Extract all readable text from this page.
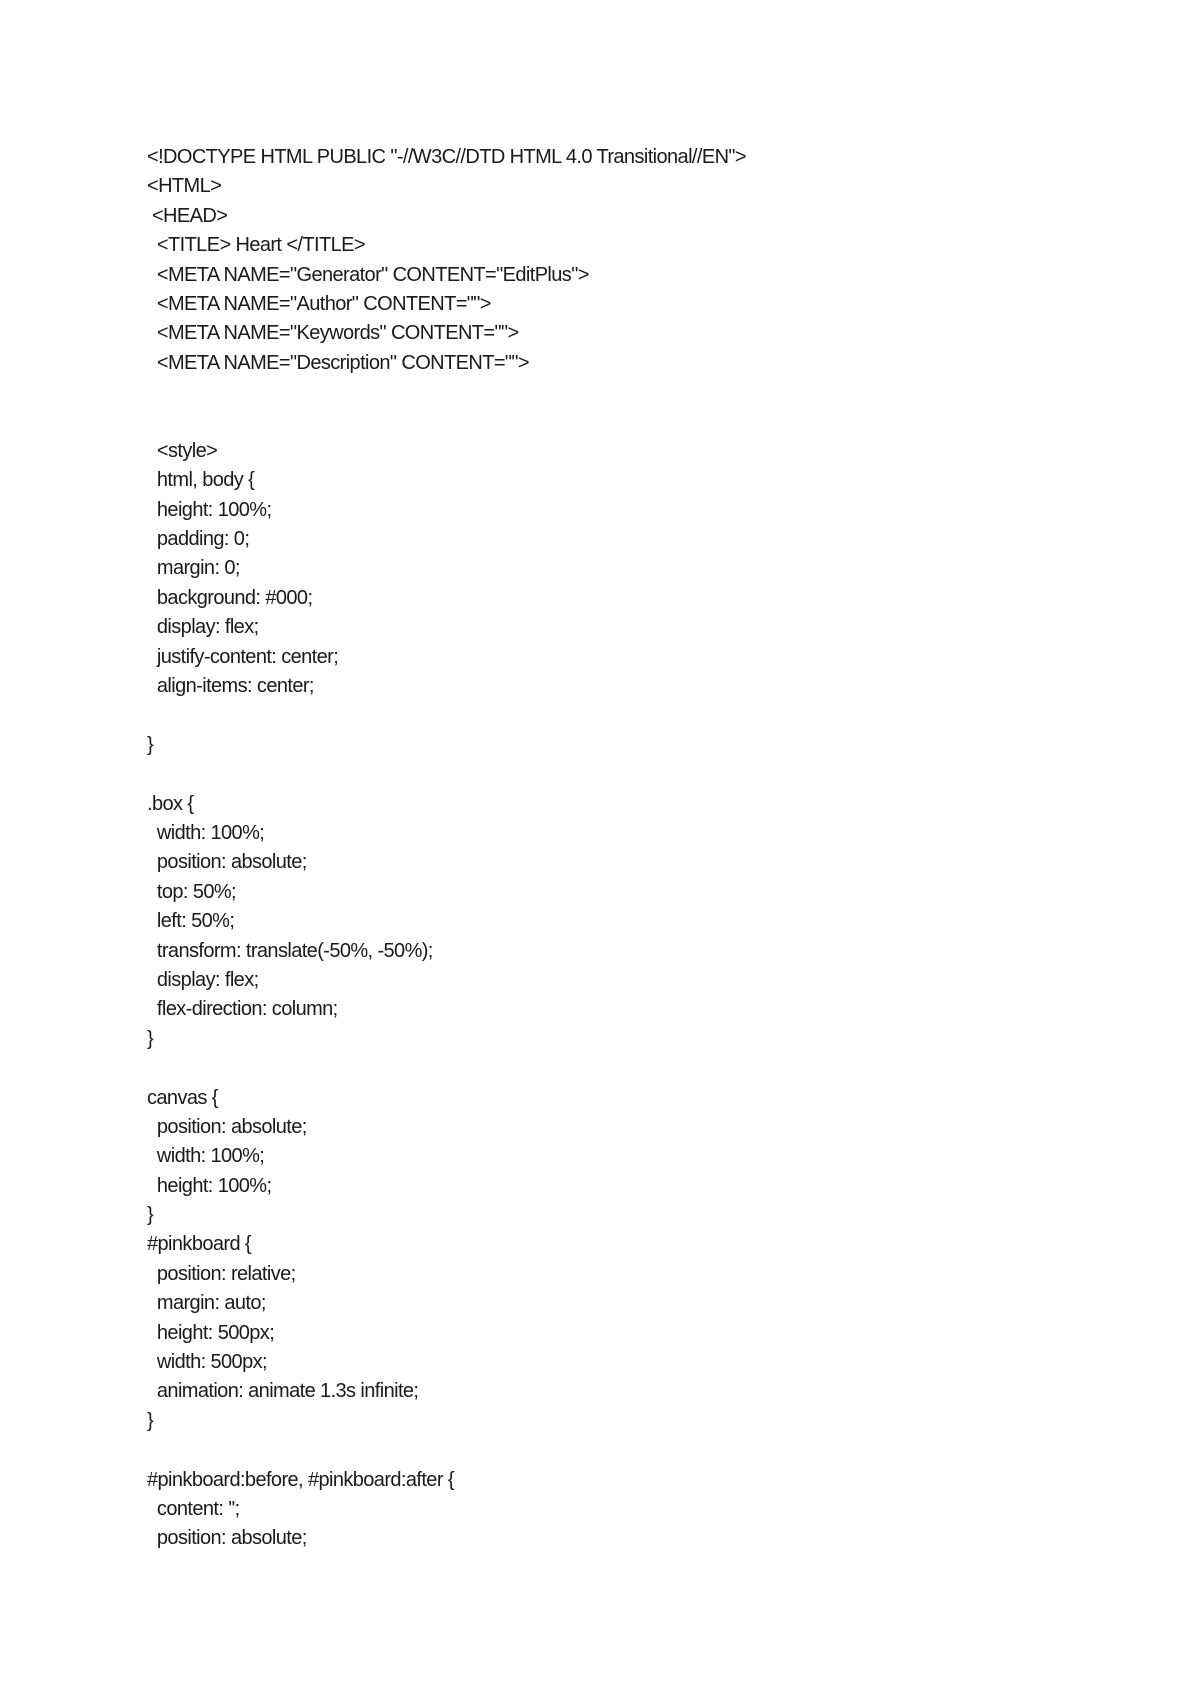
<!DOCTYPE HTML PUBLIC "-//W3C//DTD HTML 4.0 Transitional//EN">
<HTML>
<HEAD>
<TITLE> Heart </TITLE>
<META NAME="Generator" CONTENT="EditPlus">
<META NAME="Author" CONTENT="">
<META NAME="Keywords" CONTENT="">
<META NAME="Description" CONTENT="">
<style>
html, body {
height: 100%;
padding: 0;
margin: 0;
background: #000;
display: flex;
justify-content: center;
align-items: center;
}
.box {
width: 100%;
position: absolute;
top: 50%;
left: 50%;
transform: translate(-50%, -50%);
display: flex;
flex-direction: column;
}
canvas {
position: absolute;
width: 100%;
height: 100%;
}
#pinkboard {
position: relative;
margin: auto;
height: 500px;
width: 500px;
animation: animate 1.3s infinite;
}
#pinkboard:before, #pinkboard:after {
content: '';
position: absolute;
